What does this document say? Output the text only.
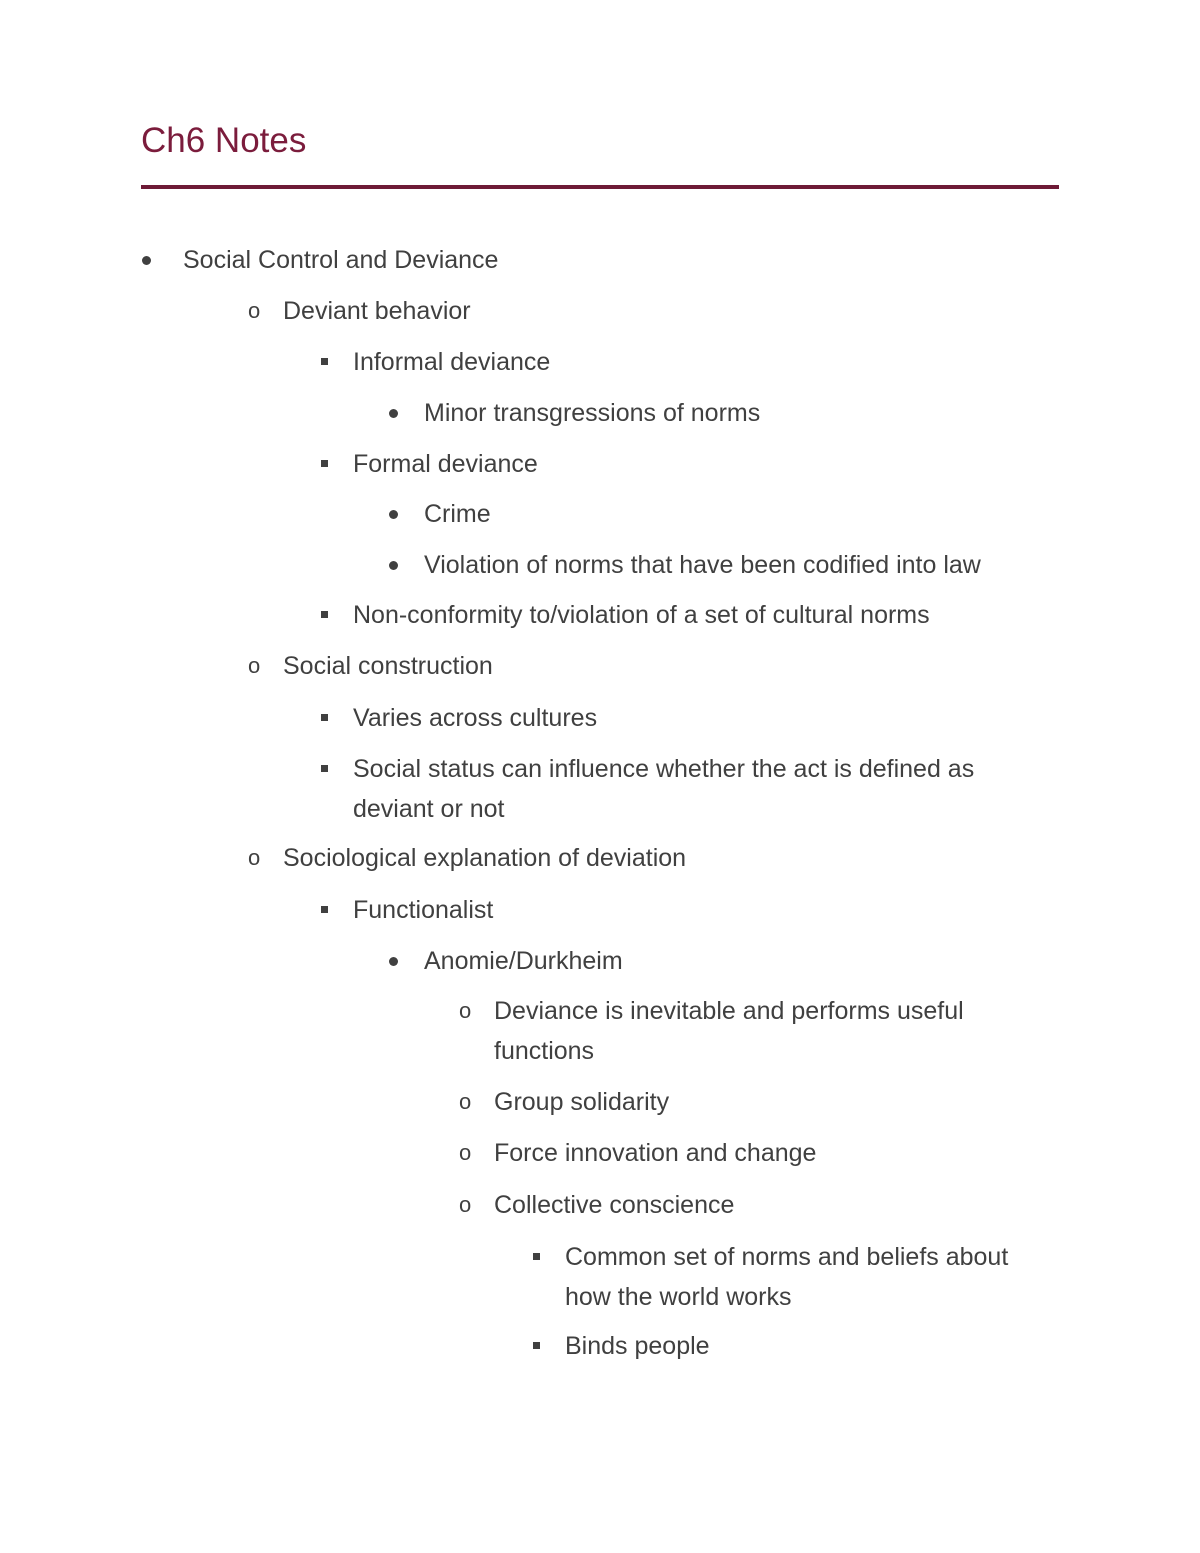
Ch6 Notes
Social Control and Deviance
o Deviant behavior
Informal deviance
Minor transgressions of norms
Formal deviance
Crime
Violation of norms that have been codified into law
Non-conformity to/violation of a set of cultural norms
o Social construction
Varies across cultures
Social status can influence whether the act is defined as
deviant or not
o Sociological explanation of deviation
Functionalist
Anomie/Durkheim
o Deviance is inevitable and performs useful
functions
o Group solidarity
o Force innovation and change
o Collective conscience
Common set of norms and beliefs about
how the world works
Binds people
